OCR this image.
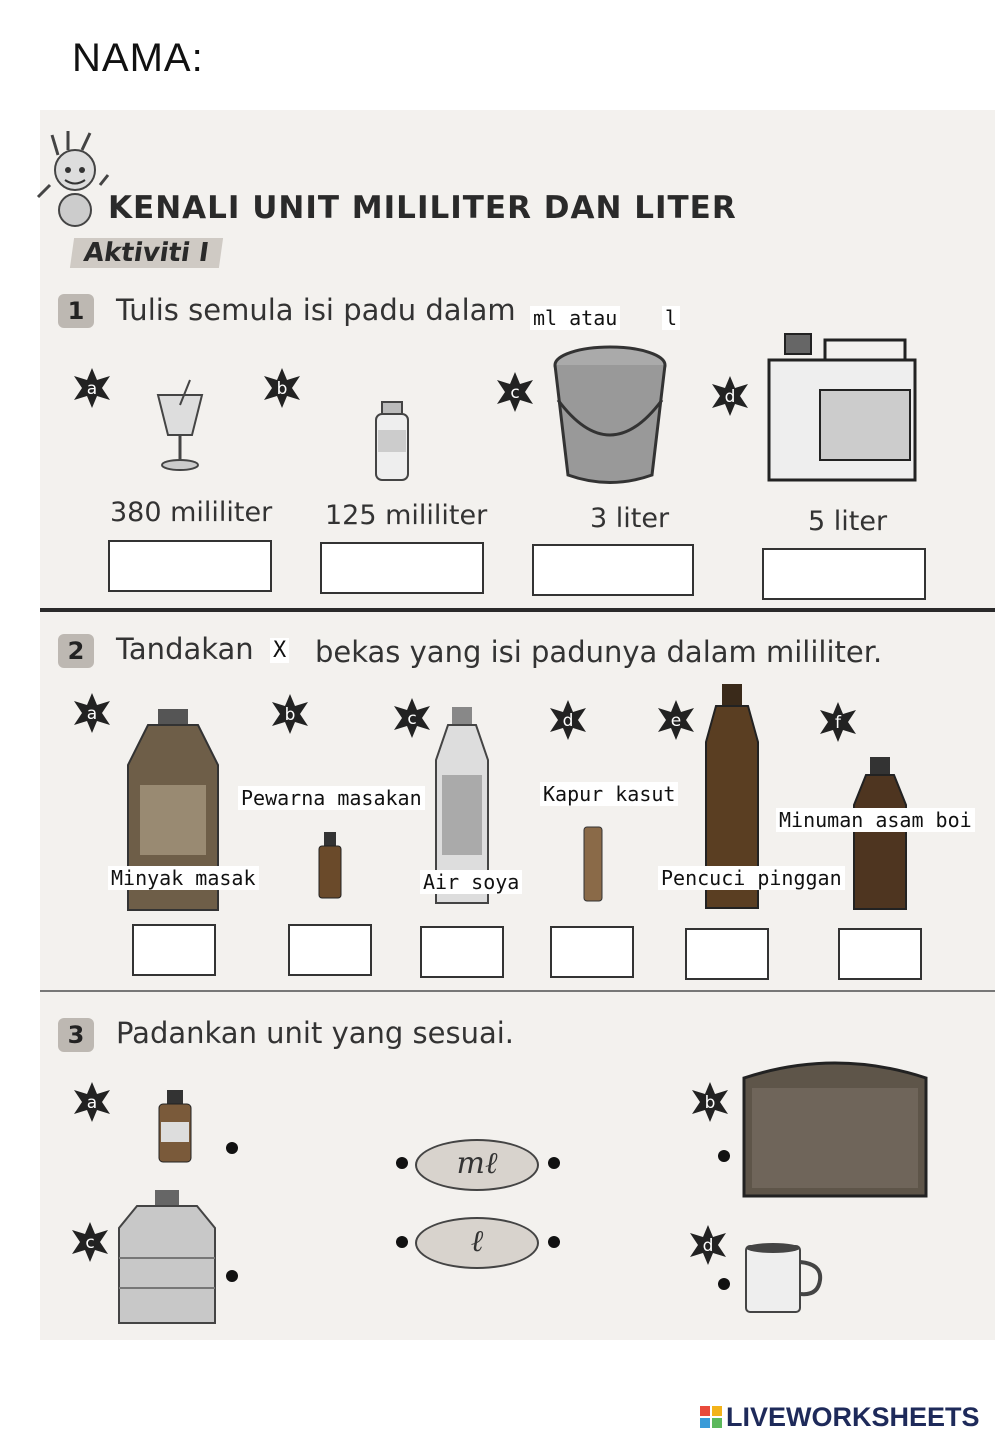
NAMA:
KENALI UNIT MILILITER DAN LITER
Aktiviti I
1	Tulis semula isi padu dalam ml atau l
a	b	c	d
380 mililiter 125 mililiter	3 liter	5 liter
2	Tandakan X bekas yang isi padunya dalam mililiter.
a	b	c	d	e	f
Minyak masak
Pewarna masakan
Air soya
Kapur kasut
Pencuci pinggan
Minuman asam boi
3	Padankan unit yang sesuai.
a	b
c	d
mℓ
ℓ
LIVEWORKSHEETS
